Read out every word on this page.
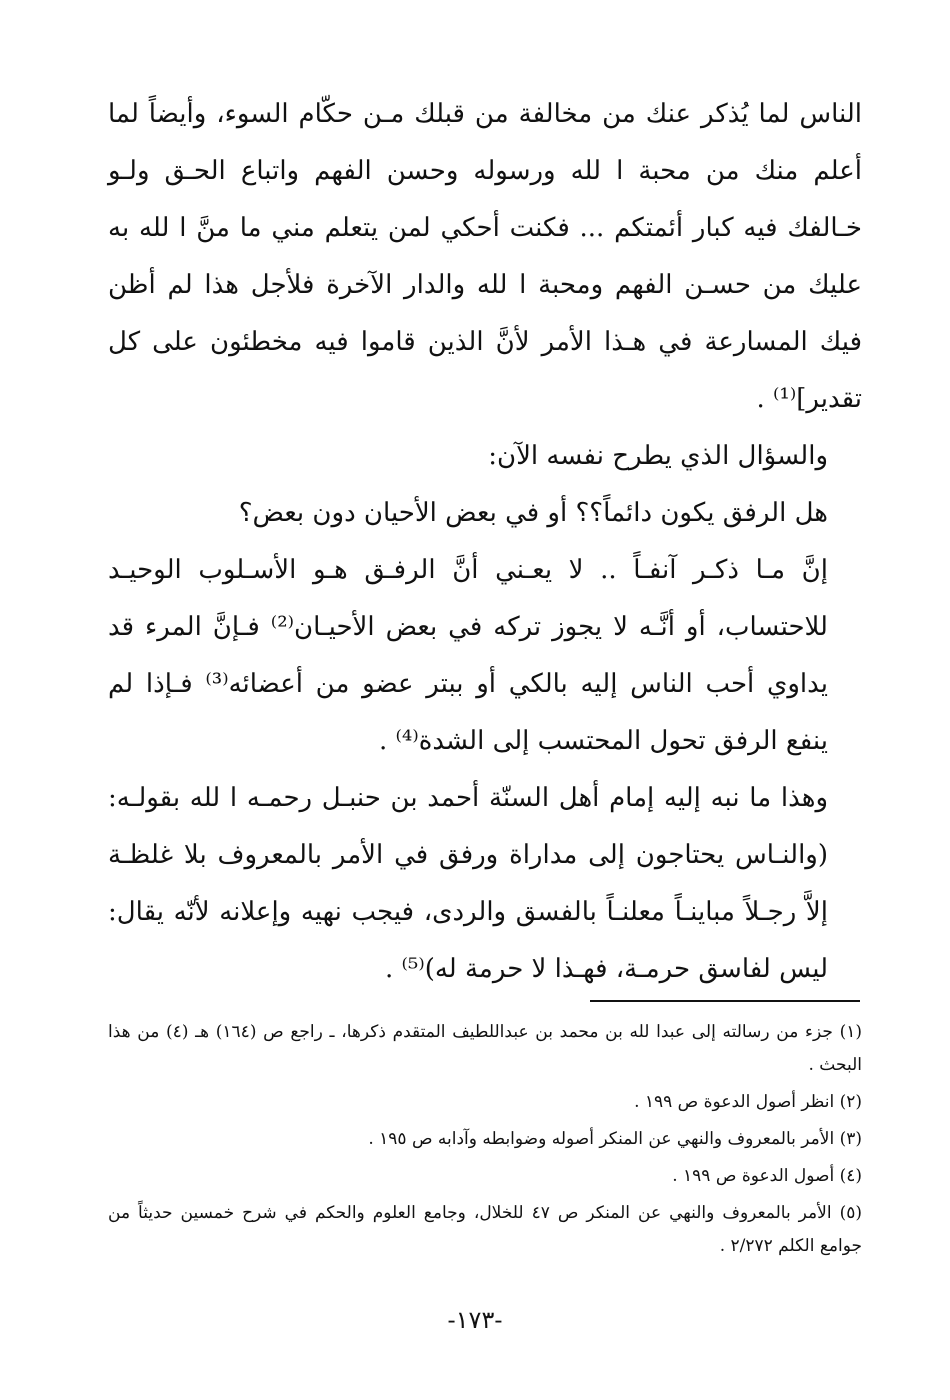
الناس لما يُذكر عنك من مخالفة من قبلك مـن حكّام السوء، وأيضاً لما أعلم منك من محبة ا لله ورسوله وحسن الفهم واتباع الحـق ولـو خـالفك فيه كبار أئمتكم ... فكنت أحكي لمن يتعلم مني ما منَّ ا لله به عليك من حسـن الفهم ومحبة ا لله والدار الآخرة فلأجل هذا لم أظن فيك المسارعة في هـذا الأمر لأنَّ الذين قاموا فيه مخطئون على كل تقدير]⁽¹⁾ .

والسؤال الذي يطرح نفسه الآن:

هل الرفق يكون دائماً؟؟ أو في بعض الأحيان دون بعض؟

إنَّ مـا ذكـر آنفـاً .. لا يعـني أنَّ الرفـق هـو الأسـلوب الوحيـد للاحتساب، أو أنَّـه لا يجوز تركه في بعض الأحيـان⁽²⁾ فـإنَّ المرء قد يداوي أحب الناس إليه بالكي أو ببتر عضو من أعضائه⁽³⁾ فـإذا لم ينفع الرفق تحول المحتسب إلى الشدة⁽⁴⁾ .

وهذا ما نبه إليه إمام أهل السنّة أحمد بن حنبـل رحمـه ا لله بقولـه: (والنـاس يحتاجون إلى مداراة ورفق في الأمر بالمعروف بلا غلظـة إلاَّ رجـلاً مباينـاً معلنـاً بالفسق والردى، فيجب نهيه وإعلانه لأنّه يقال: ليس لفاسق حرمـة، فهـذا لا حرمة له)⁽⁵⁾ .

(١) جزء من رسالته إلى عبدا لله بن محمد بن عبداللطيف المتقدم ذكرها، ـ راجع ص (١٦٤) هـ (٤) من هذا البحث .

(٢) انظر أصول الدعوة ص ١٩٩ .

(٣) الأمر بالمعروف والنهي عن المنكر أصوله وضوابطه وآدابه ص ١٩٥ .

(٤) أصول الدعوة ص ١٩٩ .

(٥) الأمر بالمعروف والنهي عن المنكر ص ٤٧ للخلال، وجامع العلوم والحكم في شرح خمسين حديثاً من جوامع الكلم ٢/٢٧٢ .

-١٧٣-
